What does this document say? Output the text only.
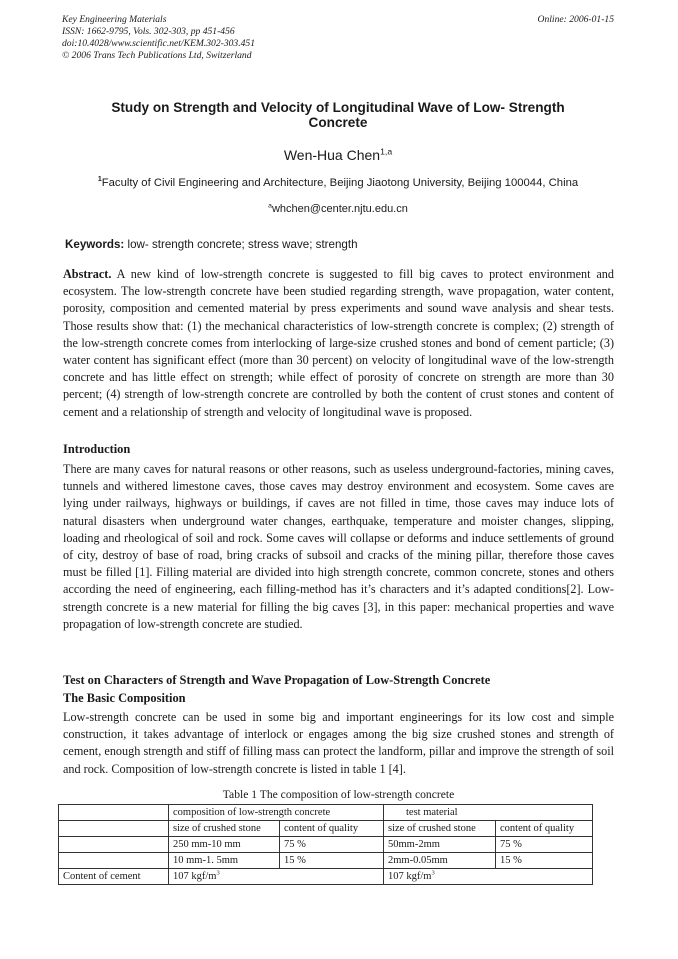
Key Engineering Materials
ISSN: 1662-9795, Vols. 302-303, pp 451-456
doi:10.4028/www.scientific.net/KEM.302-303.451
© 2006 Trans Tech Publications Ltd, Switzerland
Online: 2006-01-15
Study on Strength and Velocity of Longitudinal Wave of Low- Strength
Concrete
Wen-Hua Chen$^{1,a}$
$^1$Faculty of Civil Engineering and Architecture, Beijing Jiaotong University, Beijing 100044, China
$^a$whchen@center.njtu.edu.cn
Keywords: low- strength concrete; stress wave; strength

Abstract. A new kind of low-strength concrete is suggested to fill big caves to protect environment and ecosystem. The low-strength concrete have been studied regarding strength, wave propagation, water content, porosity, composition and cemented material by press experiments and sound wave analysis and shear tests. Those results show that: (1) the mechanical characteristics of low-strength concrete is complex; (2) strength of the low-strength concrete comes from interlocking of large-size crushed stones and bond of cement particle; (3) water content has significant effect (more than 30 percent) on velocity of longitudinal wave of the low-strength concrete and has little effect on strength; while effect of porosity of concrete on strength are more than 30 percent; (4) strength of low-strength concrete are controlled by both the content of crust stones and content of cement and a relationship of strength and velocity of longitudinal wave is proposed.

Introduction

There are many caves for natural reasons or other reasons, such as useless underground-factories, mining caves, tunnels and withered limestone caves, those caves may destroy environment and ecosystem. Some caves are lying under railways, highways or buildings, if caves are not filled in time, those caves may induce lots of natural disasters when underground water changes, earthquake, temperature and moister changes, slipping, loading and rheological of soil and rock. Some caves will collapse or deforms and induce settlements of ground of city, destroy of base of road, bring cracks of subsoil and cracks of the mining pillar, therefore those caves must be filled [1]. Filling material are divided into high strength concrete, common concrete, stones and others according the need of engineering, each filling-method has it’s characters and it’s adapted conditions[2]. Low-strength concrete is a new material for filling the big caves [3], in this paper: mechanical properties and wave propagation of low-strength concrete are studied.

Test on Characters of Strength and Wave Propagation of Low-Strength Concrete
The Basic Composition

Low-strength concrete can be used in some big and important engineerings for its low cost and simple construction, it takes advantage of interlock or engages among the big size crushed stones and strength of cement, enough strength and stiff of filling mass can protect the landform, pillar and improve the strength of soil and rock. Composition of low-strength concrete is listed in table 1 [4].

Table 1 The composition of low-strength concrete
	composition of low-strength concrete		test material	
	size of crushed stone	content of quality	size of crushed stone	content of quality
	250 mm-10 mm	75 %	50mm-2mm	75 %
	10 mm-1. 5mm	15 %	2mm-0.05mm	15 %
Content of cement	107 kgf/$m^3$		107 kgf/$m^3$
